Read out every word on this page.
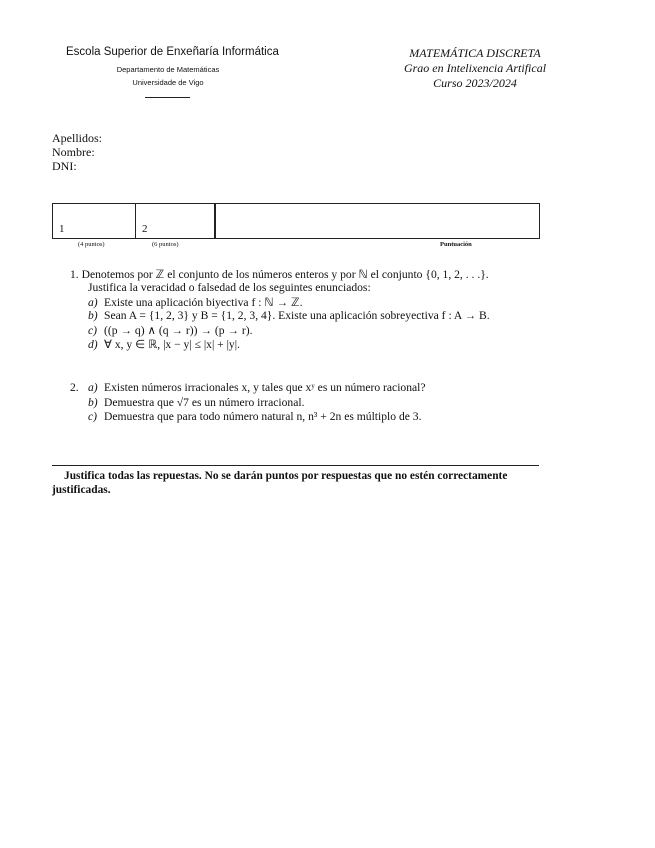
Escola Superior de Enxeñaría Informática
Departamento de Matemáticas
Universidade de Vigo
MATEMÁTICA DISCRETA
Grao en Intelixencia Artifical
Curso 2023/2024
Apellidos:
Nombre:
DNI:
1	2
(4 puntos)	(6 puntos)	Puntuación
1. Denotemos por ℤ el conjunto de los números enteros y por ℕ el conjunto {0, 1, 2, . . .}.
Justifica la veracidad o falsedad de los seguintes enunciados:
a) Existe una aplicación biyectiva f : ℕ → ℤ.
b) Sean A = {1, 2, 3} y B = {1, 2, 3, 4}. Existe una aplicación sobreyectiva f : A → B.
c) ((p → q) ∧ (q → r)) → (p → r).
d) ∀ x, y ∈ ℝ, |x − y| ≤ |x| + |y|.
2. a) Existen números irracionales x, y tales que xʸ es un número racional?
b) Demuestra que √7 es un número irracional.
c) Demuestra que para todo número natural n, n³ + 2n es múltiplo de 3.
Justifica todas las repuestas. No se darán puntos por respuestas que no estén correctamente justificadas.
